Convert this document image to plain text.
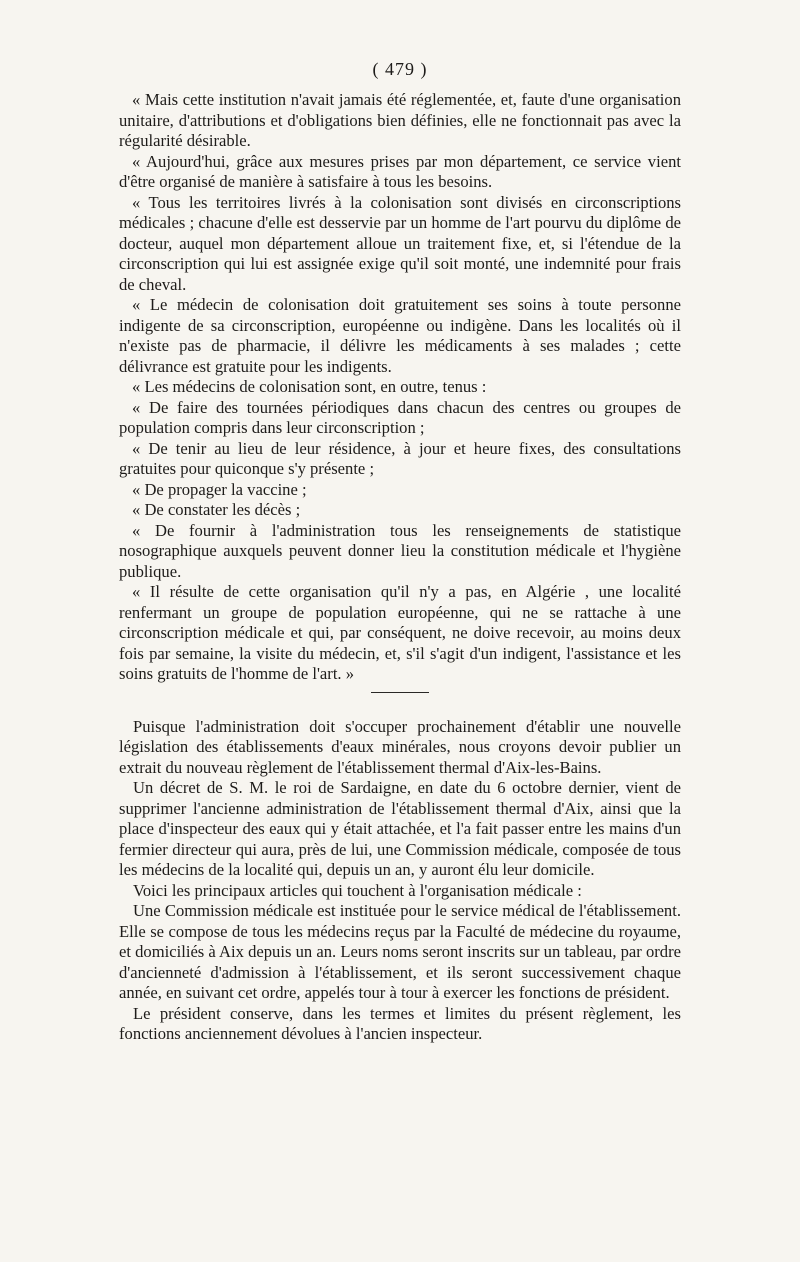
( 479 )

« Mais cette institution n'avait jamais été réglementée, et, faute d'une organisation unitaire, d'attributions et d'obligations bien définies, elle ne fonctionnait pas avec la régularité désirable.

« Aujourd'hui, grâce aux mesures prises par mon département, ce service vient d'être organisé de manière à satisfaire à tous les besoins.

« Tous les territoires livrés à la colonisation sont divisés en circonscriptions médicales ; chacune d'elle est desservie par un homme de l'art pourvu du diplôme de docteur, auquel mon département alloue un traitement fixe, et, si l'étendue de la circonscription qui lui est assignée exige qu'il soit monté, une indemnité pour frais de cheval.

« Le médecin de colonisation doit gratuitement ses soins à toute personne indigente de sa circonscription, européenne ou indigène. Dans les localités où il n'existe pas de pharmacie, il délivre les médicaments à ses malades ; cette délivrance est gratuite pour les indigents.

« Les médecins de colonisation sont, en outre, tenus :

« De faire des tournées périodiques dans chacun des centres ou groupes de population compris dans leur circonscription ;

« De tenir au lieu de leur résidence, à jour et heure fixes, des consultations gratuites pour quiconque s'y présente ;

« De propager la vaccine ;

« De constater les décès ;

« De fournir à l'administration tous les renseignements de statistique nosographique auxquels peuvent donner lieu la constitution médicale et l'hygiène publique.

« Il résulte de cette organisation qu'il n'y a pas, en Algérie , une localité renfermant un groupe de population européenne, qui ne se rattache à une circonscription médicale et qui, par conséquent, ne doive recevoir, au moins deux fois par semaine, la visite du médecin, et, s'il s'agit d'un indigent, l'assistance et les soins gratuits de l'homme de l'art. »

Puisque l'administration doit s'occuper prochainement d'établir une nouvelle législation des établissements d'eaux minérales, nous croyons devoir publier un extrait du nouveau règlement de l'établissement thermal d'Aix-les-Bains.

Un décret de S. M. le roi de Sardaigne, en date du 6 octobre dernier, vient de supprimer l'ancienne administration de l'établissement thermal d'Aix, ainsi que la place d'inspecteur des eaux qui y était attachée, et l'a fait passer entre les mains d'un fermier directeur qui aura, près de lui, une Commission médicale, composée de tous les médecins de la localité qui, depuis un an, y auront élu leur domicile.

Voici les principaux articles qui touchent à l'organisation médicale :

Une Commission médicale est instituée pour le service médical de l'établissement. Elle se compose de tous les médecins reçus par la Faculté de médecine du royaume, et domiciliés à Aix depuis un an. Leurs noms seront inscrits sur un tableau, par ordre d'ancienneté d'admission à l'établissement, et ils seront successivement chaque année, en suivant cet ordre, appelés tour à tour à exercer les fonctions de président.

Le président conserve, dans les termes et limites du présent règlement, les fonctions anciennement dévolues à l'ancien inspecteur.
